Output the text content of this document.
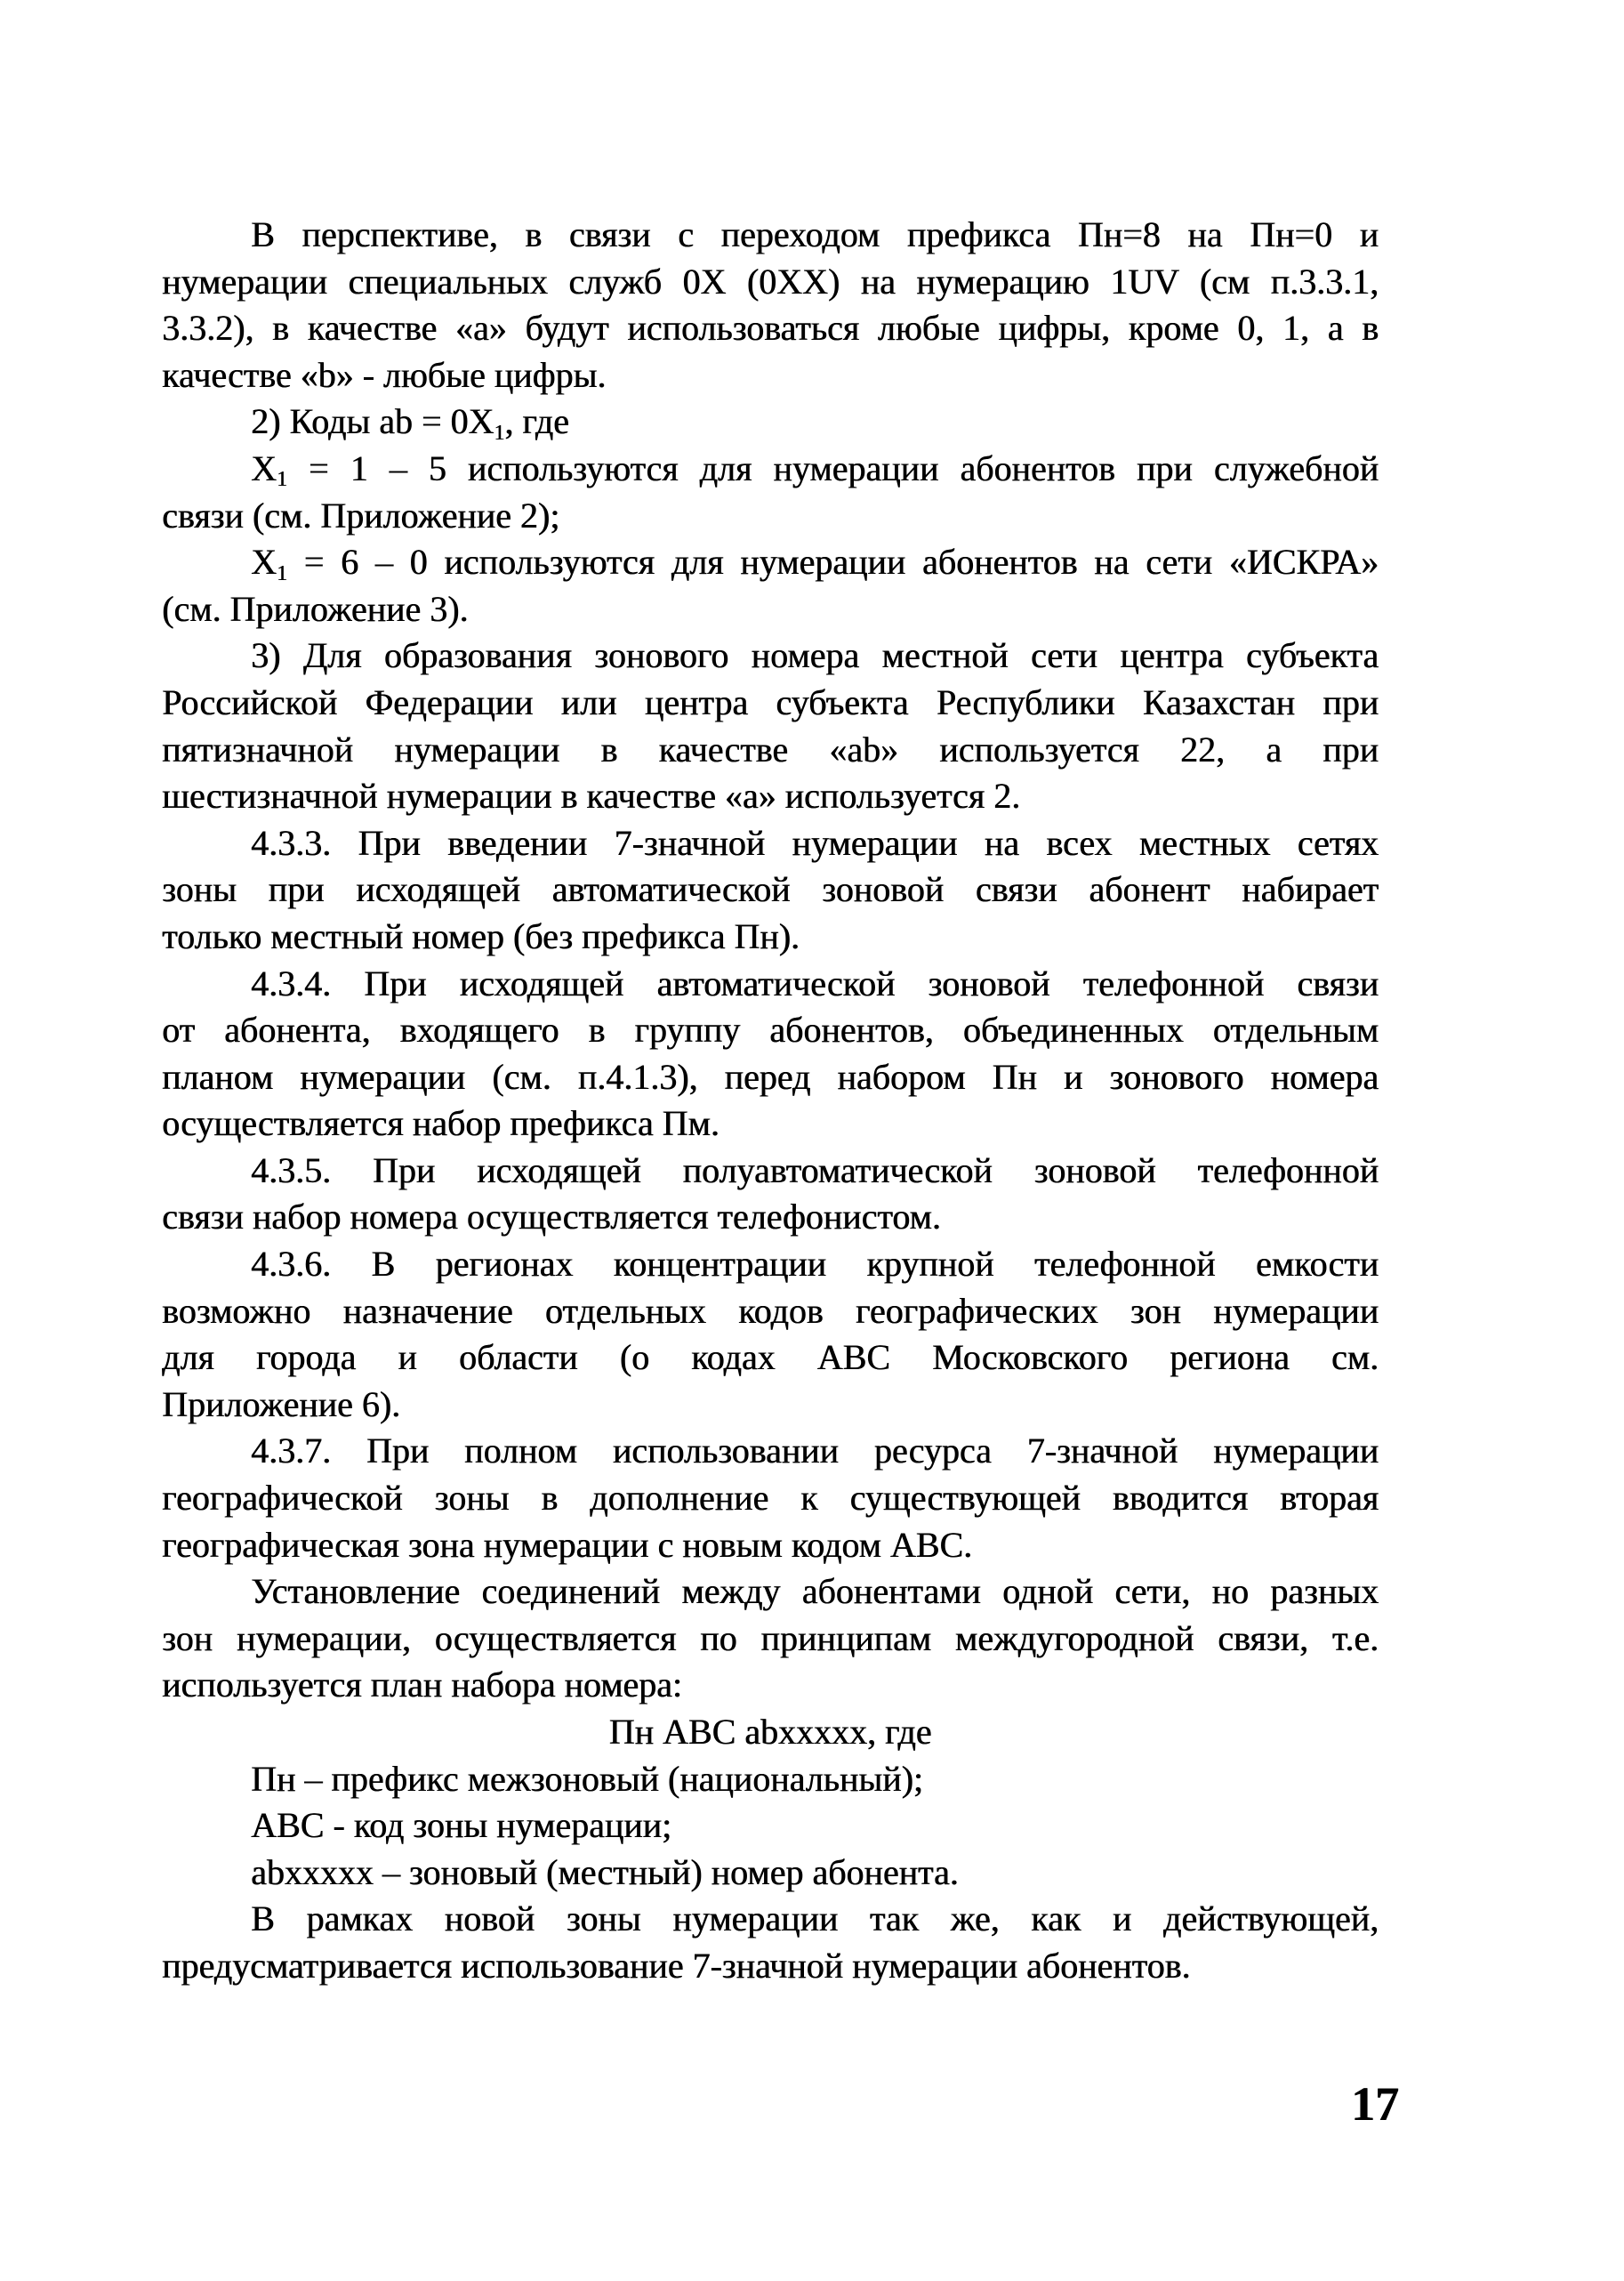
В перспективе, в связи с переходом префикса Пн=8 на Пн=0 и
нумерации специальных служб 0X (0XX) на нумерацию 1UV (см п.3.3.1,
3.3.2), в качестве «а» будут использоваться любые цифры, кроме 0, 1, а в
качестве «b» - любые цифры.
2) Коды ab = $0X_1$, где
$X_1 = 1 - 5$ используются для нумерации абонентов при служебной
связи (см. Приложение 2);
$X_1 = 6 - 0$ используются для нумерации абонентов на сети «ИСКРА»
(см. Приложение 3).
3) Для образования зонового номера местной сети центра субъекта
Российской Федерации или центра субъекта Республики Казахстан при
пятизначной нумерации в качестве «ab» используется 22, а при
шестизначной нумерации в качестве «а» используется 2.
4.3.3. При введении 7-значной нумерации на всех местных сетях
зоны при исходящей автоматической зоновой связи абонент набирает
только местный номер (без префикса Пн).
4.3.4. При исходящей автоматической зоновой телефонной связи
от абонента, входящего в группу абонентов, объединенных отдельным
планом нумерации (см. п.4.1.3), перед набором Пн и зонового номера
осуществляется набор префикса Пм.
4.3.5. При исходящей полуавтоматической зоновой телефонной
связи набор номера осуществляется телефонистом.
4.3.6. В регионах концентрации крупной телефонной емкости
возможно назначение отдельных кодов географических зон нумерации
для города и области (о кодах АВС Московского региона см.
Приложение 6).
4.3.7. При полном использовании ресурса 7-значной нумерации
географической зоны в дополнение к существующей вводится вторая
географическая зона нумерации с новым кодом АВС.
Установление соединений между абонентами одной сети, но разных
зон нумерации, осуществляется по принципам междугородной связи, т.е.
используется план набора номера:
Пн АВС abxxxxx, где
Пн – префикс межзоновый (национальный);
АВС - код зоны нумерации;
abxxxxx – зоновый (местный) номер абонента.
В рамках новой зоны нумерации так же, как и действующей,
предусматривается использование 7-значной нумерации абонентов.
17
